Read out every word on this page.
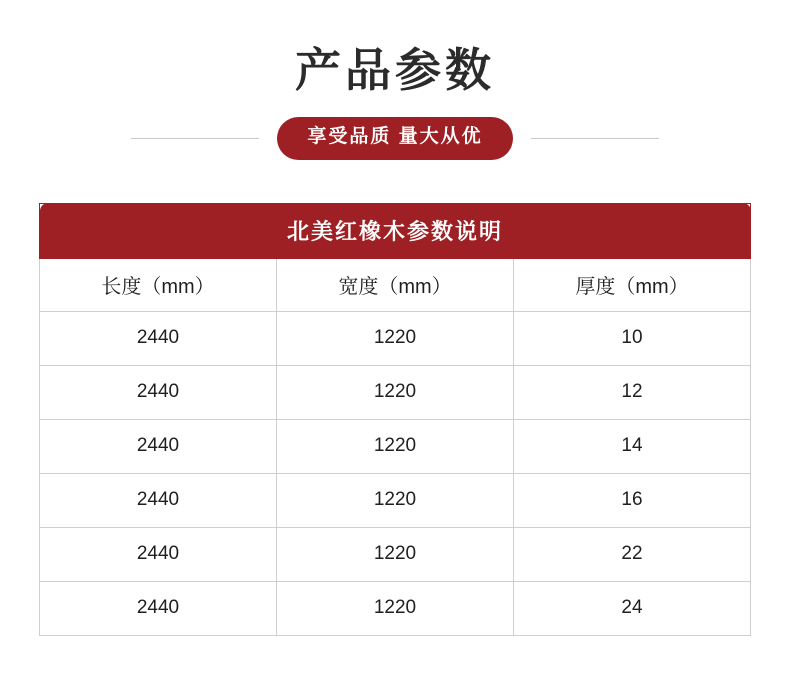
产品参数
享受品质 量大从优
北美红橡木参数说明		
长度（mm）	宽度（mm）	厚度（mm）
2440	1220	10
2440	1220	12
2440	1220	14
2440	1220	16
2440	1220	22
2440	1220	24
